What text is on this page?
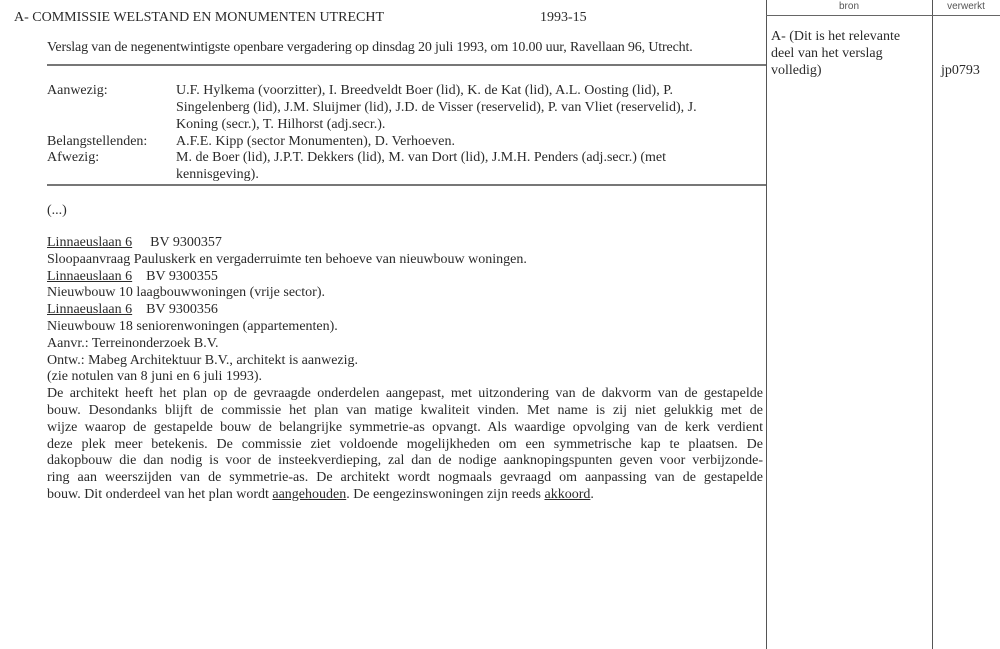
bron	verwerkt
A- (Dit is het relevante
deel van het verslag
volledig)	jp0793
A- COMMISSIE WELSTAND EN MONUMENTEN UTRECHT	1993-15
Verslag van de negenentwintigste openbare vergadering op dinsdag 20 juli 1993, om 10.00 uur, Ravellaan 96, Utrecht.
Aanwezig:	U.F. Hylkema (voorzitter), I. Breedveldt Boer (lid), K. de Kat (lid), A.L. Oosting (lid), P.
Singelenberg (lid), J.M. Sluijmer (lid), J.D. de Visser (reservelid), P. van Vliet (reservelid), J.
Koning (secr.), T. Hilhorst (adj.secr.).
Belangstellenden: A.F.E. Kipp (sector Monumenten), D. Verhoeven.
Afwezig:	M. de Boer (lid), J.P.T. Dekkers (lid), M. van Dort (lid), J.M.H. Penders (adj.secr.) (met
kennisgeving).
(...)
Linnaeuslaan 6 BV 9300357
Sloopaanvraag Pauluskerk en vergaderruimte ten behoeve van nieuwbouw woningen.
Linnaeuslaan 6 BV 9300355
Nieuwbouw 10 laagbouwwoningen (vrije sector).
Linnaeuslaan 6 BV 9300356
Nieuwbouw 18 seniorenwoningen (appartementen).
Aanvr.: Terreinonderzoek B.V.
Ontw.: Mabeg Architektuur B.V., architekt is aanwezig.
(zie notulen van 8 juni en 6 juli 1993).
De architekt heeft het plan op de gevraagde onderdelen aangepast, met uitzondering van de dakvorm van de gestapelde
bouw. Desondanks blijft de commissie het plan van matige kwaliteit vinden. Met name is zij niet gelukkig met de
wijze waarop de gestapelde bouw de belangrijke symmetrie-as opvangt. Als waardige opvolging van de kerk verdient
deze plek meer betekenis. De commissie ziet voldoende mogelijkheden om een symmetrische kap te plaatsen. De
dakopbouw die dan nodig is voor de insteekverdieping, zal dan de nodige aanknopingspunten geven voor verbijzonde-
ring aan weerszijden van de symmetrie-as. De architekt wordt nogmaals gevraagd om aanpassing van de gestapelde
bouw. Dit onderdeel van het plan wordt aangehouden. De eengezinswoningen zijn reeds akkoord.
